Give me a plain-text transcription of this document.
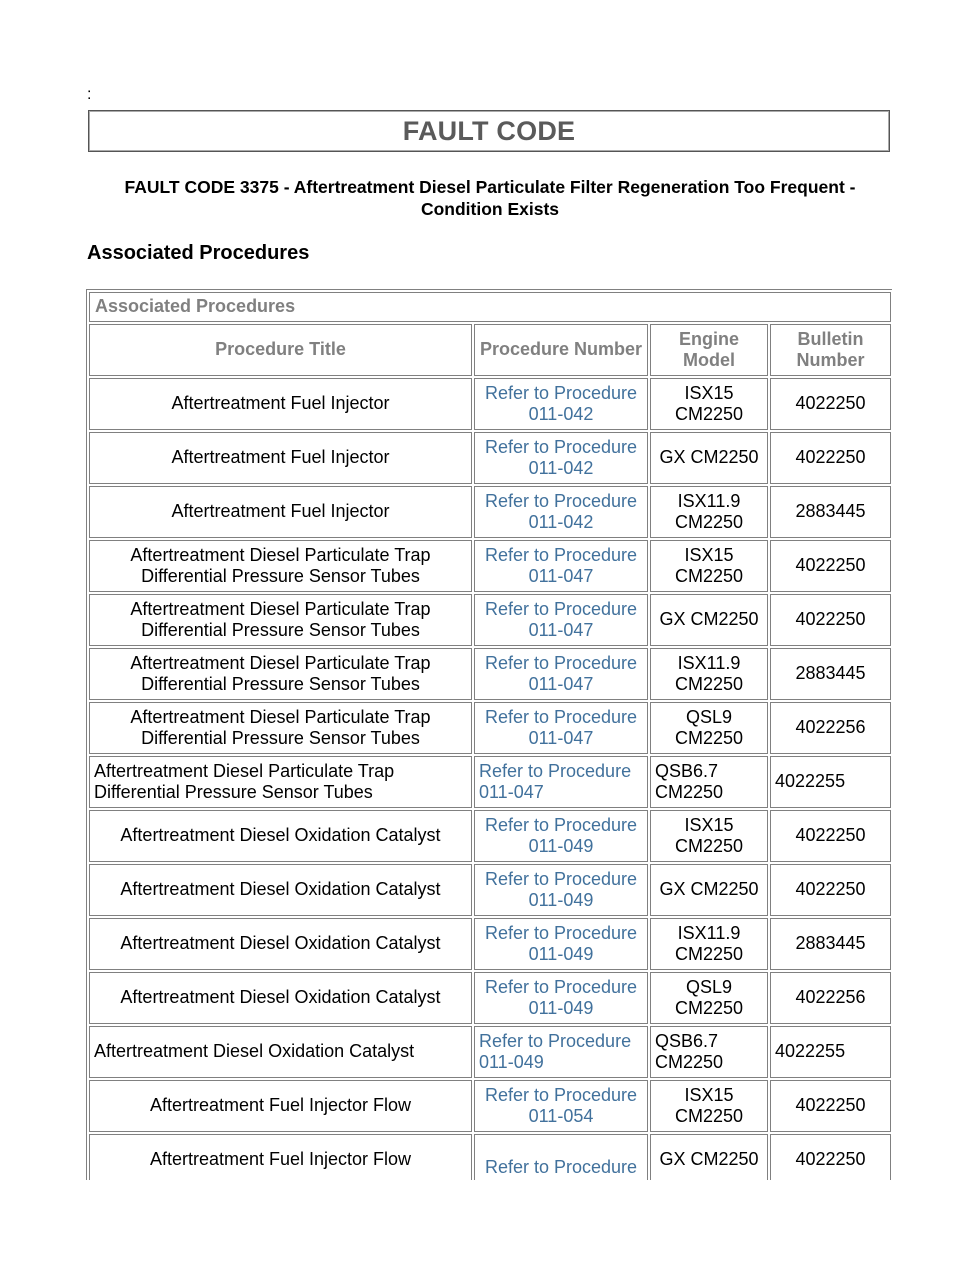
:
FAULT CODE
FAULT CODE 3375 - Aftertreatment Diesel Particulate Filter Regeneration Too Frequent - Condition Exists
Associated Procedures
Associated Procedures			
Procedure Title	Procedure Number	Engine Model	Bulletin Number
Aftertreatment Fuel Injector	Refer to Procedure 011-042	ISX15 CM2250	4022250
Aftertreatment Fuel Injector	Refer to Procedure 011-042	GX CM2250	4022250
Aftertreatment Fuel Injector	Refer to Procedure 011-042	ISX11.9 CM2250	2883445
Aftertreatment Diesel Particulate Trap Differential Pressure Sensor Tubes	Refer to Procedure 011-047	ISX15 CM2250	4022250
Aftertreatment Diesel Particulate Trap Differential Pressure Sensor Tubes	Refer to Procedure 011-047	GX CM2250	4022250
Aftertreatment Diesel Particulate Trap Differential Pressure Sensor Tubes	Refer to Procedure 011-047	ISX11.9 CM2250	2883445
Aftertreatment Diesel Particulate Trap Differential Pressure Sensor Tubes	Refer to Procedure 011-047	QSL9 CM2250	4022256
Aftertreatment Diesel Particulate Trap Differential Pressure Sensor Tubes	Refer to Procedure 011-047	QSB6.7 CM2250	4022255
Aftertreatment Diesel Oxidation Catalyst	Refer to Procedure 011-049	ISX15 CM2250	4022250
Aftertreatment Diesel Oxidation Catalyst	Refer to Procedure 011-049	GX CM2250	4022250
Aftertreatment Diesel Oxidation Catalyst	Refer to Procedure 011-049	ISX11.9 CM2250	2883445
Aftertreatment Diesel Oxidation Catalyst	Refer to Procedure 011-049	QSL9 CM2250	4022256
Aftertreatment Diesel Oxidation Catalyst	Refer to Procedure 011-049	QSB6.7 CM2250	4022255
Aftertreatment Fuel Injector Flow	Refer to Procedure 011-054	ISX15 CM2250	4022250
Aftertreatment Fuel Injector Flow	Refer to Procedure	GX CM2250	4022250
